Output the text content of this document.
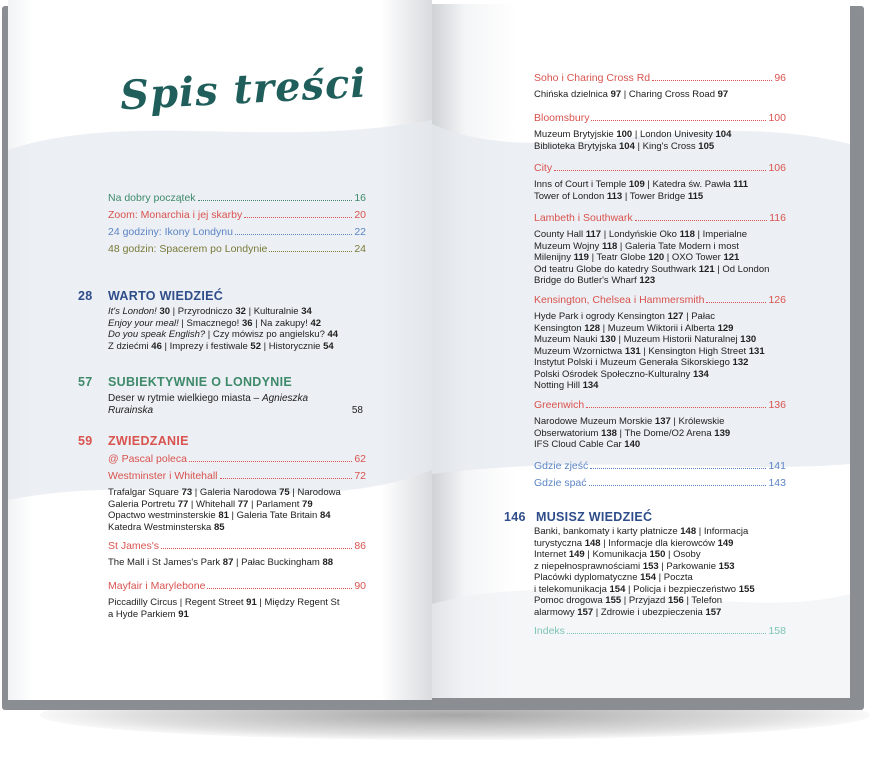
Spis treści
Na dobry początek	16
Zoom: Monarchia i jej skarby	20
24 godziny: Ikony Londynu	22
48 godzin: Spacerem po Londynie	24
28	WARTO WIEDZIEĆ
It's London! 30 | Przyrodniczo 32 | Kulturalnie 34
Enjoy your meal! | Smacznego! 36 | Na zakupy! 42
Do you speak English? | Czy mówisz po angielsku? 44
Z dziećmi 46 | Imprezy i festiwale 52 | Historycznie 54
57	SUBIEKTYWNIE O LONDYNIE
Deser w rytmie wielkiego miasta – Agnieszka
Rurainska	58
59	ZWIEDZANIE
@ Pascal poleca	62
Westminster i Whitehall	72
Trafalgar Square 73 | Galeria Narodowa 75 | Narodowa
Galeria Portretu 77 | Whitehall 77 | Parlament 79
Opactwo westminsterskie 81 | Galeria Tate Britain 84
Katedra Westminsterska 85
St James's	86
The Mall i St James's Park 87 | Pałac Buckingham 88
Mayfair i Marylebone	90
Piccadilly Circus | Regent Street 91 | Między Regent St
a Hyde Parkiem 91
Soho i Charing Cross Rd	96
Chińska dzielnica 97 | Charing Cross Road 97
Bloomsbury	100
Muzeum Brytyjskie 100 | London Univesity 104
Biblioteka Brytyjska 104 | King's Cross 105
City	106
Inns of Court i Temple 109 | Katedra św. Pawła 111
Tower of London 113 | Tower Bridge 115
Lambeth i Southwark	116
County Hall 117 | Londyńskie Oko 118 | Imperialne
Muzeum Wojny 118 | Galeria Tate Modern i most
Milenijny 119 | Teatr Globe 120 | OXO Tower 121
Od teatru Globe do katedry Southwark 121 | Od London
Bridge do Butler's Wharf 123
Kensington, Chelsea i Hammersmith	126
Hyde Park i ogrody Kensington 127 | Pałac
Kensington 128 | Muzeum Wiktorii i Alberta 129
Muzeum Nauki 130 | Muzeum Historii Naturalnej 130
Muzeum Wzornictwa 131 | Kensington High Street 131
Instytut Polski i Muzeum Generała Sikorskiego 132
Polski Ośrodek Społeczno-Kulturalny 134
Notting Hill 134
Greenwich	136
Narodowe Muzeum Morskie 137 | Królewskie
Obserwatorium 138 | The Dome/O2 Arena 139
IFS Cloud Cable Car 140
Gdzie zjeść	141
Gdzie spać	143
146 MUSISZ WIEDZIEĆ
Banki, bankomaty i karty płatnicze 148 | Informacja
turystyczna 148 | Informacje dla kierowców 149
Internet 149 | Komunikacja 150 | Osoby
z niepełnosprawnościami 153 | Parkowanie 153
Placówki dyplomatyczne 154 | Poczta
i telekomunikacja 154 | Policja i bezpieczeństwo 155
Pomoc drogowa 155 | Przyjazd 156 | Telefon
alarmowy 157 | Zdrowie i ubezpieczenia 157
Indeks	158
